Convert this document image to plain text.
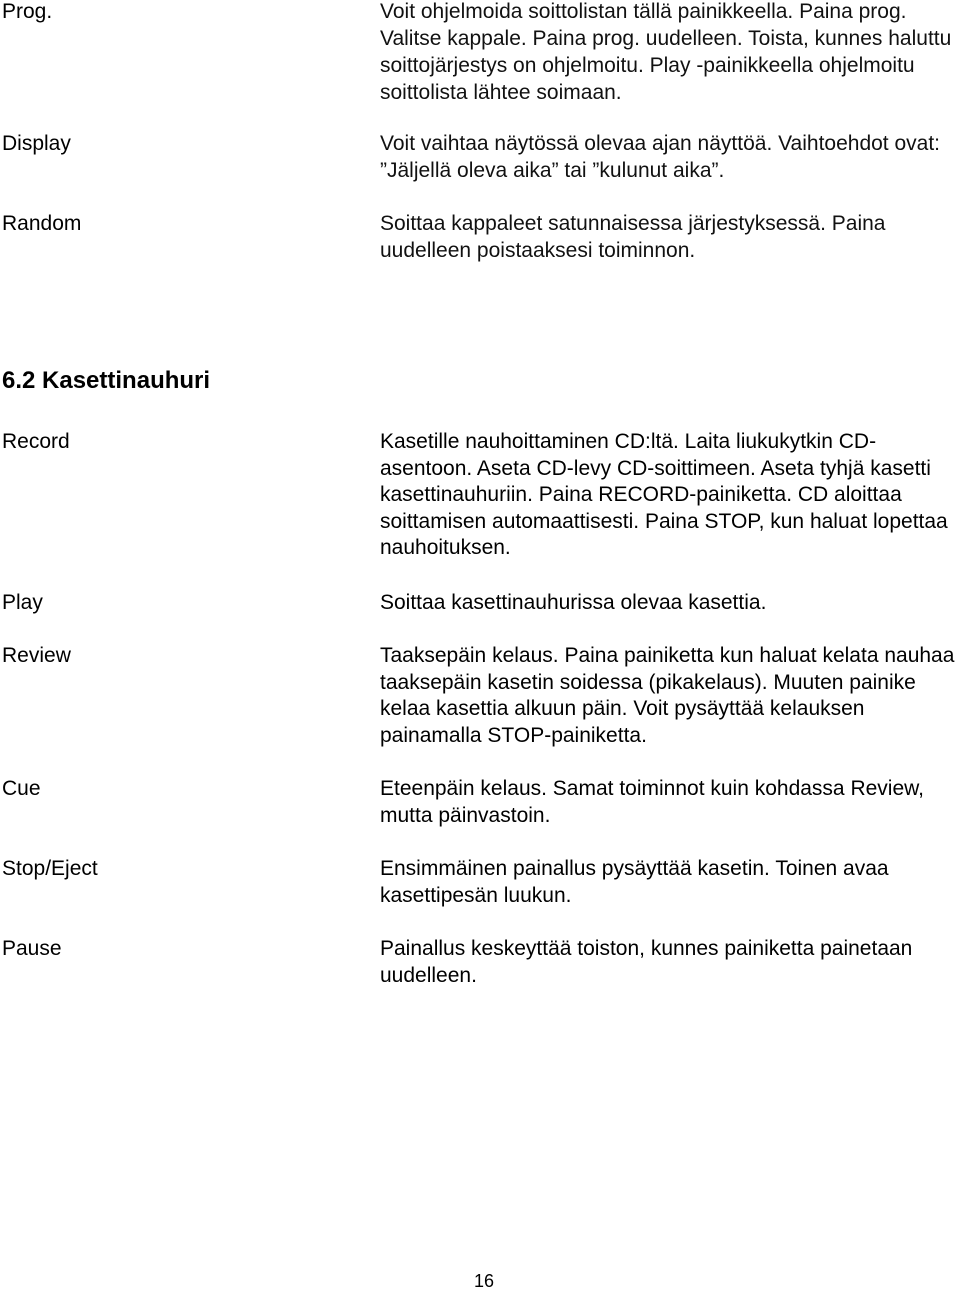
Prog.	Voit ohjelmoida soittolistan tällä painikkeella. Paina prog. Valitse kappale. Paina prog. uudelleen. Toista, kunnes haluttu soittojärjestys on ohjelmoitu. Play -painikkeella ohjelmoitu soittolista lähtee soimaan.
Display	Voit vaihtaa näytössä olevaa ajan näyttöä. Vaihtoehdot ovat: ”Jäljellä oleva aika” tai ”kulunut aika”.
Random	Soittaa kappaleet satunnaisessa järjestyksessä. Paina uudelleen poistaaksesi toiminnon.
6.2 Kasettinauhuri
Record	Kasetille nauhoittaminen CD:ltä. Laita liukukytkin CD-asentoon. Aseta CD-levy CD-soittimeen. Aseta tyhjä kasetti kasettinauhuriin. Paina RECORD-painiketta. CD aloittaa soittamisen automaattisesti. Paina STOP, kun haluat lopettaa nauhoituksen.
Play	Soittaa kasettinauhurissa olevaa kasettia.
Review	Taaksepäin kelaus. Paina painiketta kun haluat kelata nauhaa taaksepäin kasetin soidessa (pikakelaus). Muuten painike kelaa kasettia alkuun päin. Voit pysäyttää kelauksen painamalla STOP-painiketta.
Cue	Eteenpäin kelaus. Samat toiminnot kuin kohdassa Review, mutta päinvastoin.
Stop/Eject	Ensimmäinen painallus pysäyttää kasetin. Toinen avaa kasettipesän luukun.
Pause	Painallus keskeyttää toiston, kunnes painiketta painetaan uudelleen.
16
